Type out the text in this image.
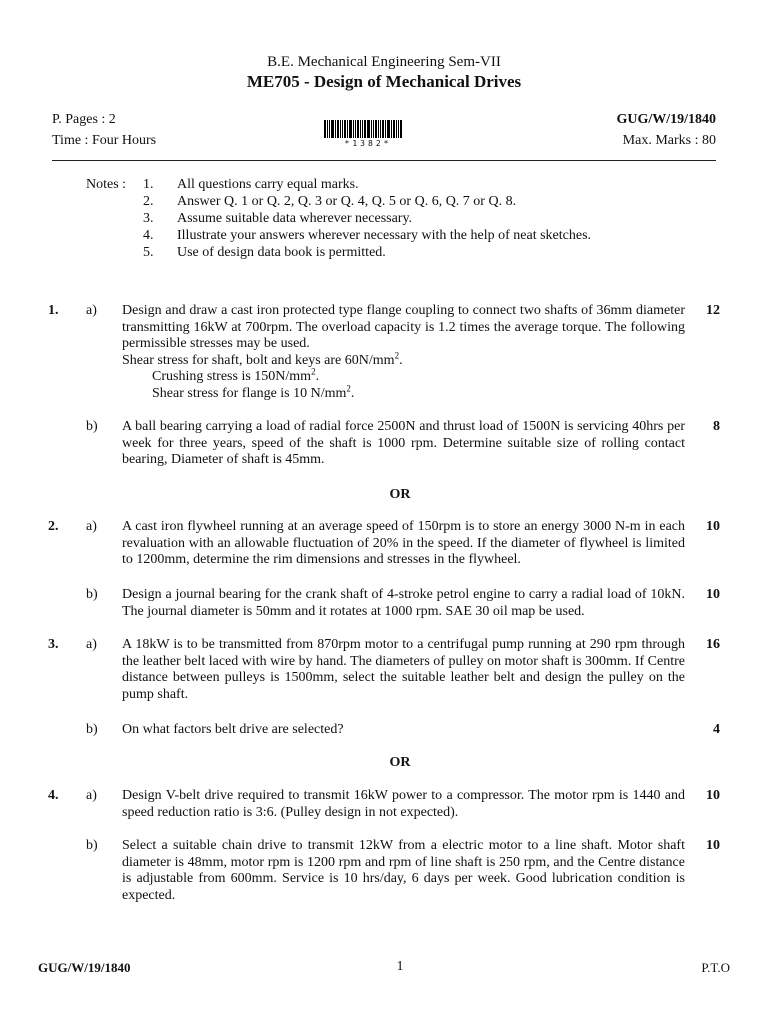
B.E. Mechanical Engineering Sem-VII
ME705 - Design of Mechanical Drives
P. Pages : 2
Time : Four Hours
GUG/W/19/1840
Max. Marks : 80
*1382*
Notes : 1. All questions carry equal marks.
2. Answer Q. 1 or Q. 2, Q. 3 or Q. 4, Q. 5 or Q. 6, Q. 7 or Q. 8.
3. Assume suitable data wherever necessary.
4. Illustrate your answers wherever necessary with the help of neat sketches.
5. Use of design data book is permitted.
1. a) Design and draw a cast iron protected type flange coupling to connect two shafts of 36mm diameter transmitting 16kW at 700rpm. The overload capacity is 1.2 times the average torque. The following permissible stresses may be used.
Shear stress for shaft, bolt and keys are $60N/mm^2$.
Crushing stress is $150N/mm^2$.
Shear stress for flange is 10 $N/mm^2$.
12
b) A ball bearing carrying a load of radial force 2500N and thrust load of 1500N is servicing 40hrs per week for three years, speed of the shaft is 1000 rpm. Determine suitable size of rolling contact bearing, Diameter of shaft is 45mm.
8
OR
2. a) A cast iron flywheel running at an average speed of 150rpm is to store an energy 3000 N-m in each revaluation with an allowable fluctuation of 20% in the speed. If the diameter of flywheel is limited to 1200mm, determine the rim dimensions and stresses in the flywheel.
10
b) Design a journal bearing for the crank shaft of 4-stroke petrol engine to carry a radial load of 10kN. The journal diameter is 50mm and it rotates at 1000 rpm. SAE 30 oil map be used.
10
3. a) A 18kW is to be transmitted from 870rpm motor to a centrifugal pump running at 290 rpm through the leather belt laced with wire by hand. The diameters of pulley on motor shaft is 300mm. If Centre distance between pulleys is 1500mm, select the suitable leather belt and design the pulley on the pump shaft.
16
b) On what factors belt drive are selected?	4
OR
4. a) Design V-belt drive required to transmit 16kW power to a compressor. The motor rpm is 1440 and speed reduction ratio is 3:6. (Pulley design in not expected).
10
b) Select a suitable chain drive to transmit 12kW from a electric motor to a line shaft. Motor shaft diameter is 48mm, motor rpm is 1200 rpm and rpm of line shaft is 250 rpm, and the Centre distance is adjustable from 600mm. Service is 10 hrs/day, 6 days per week. Good lubrication condition is expected.
10
GUG/W/19/1840	1	P.T.O
